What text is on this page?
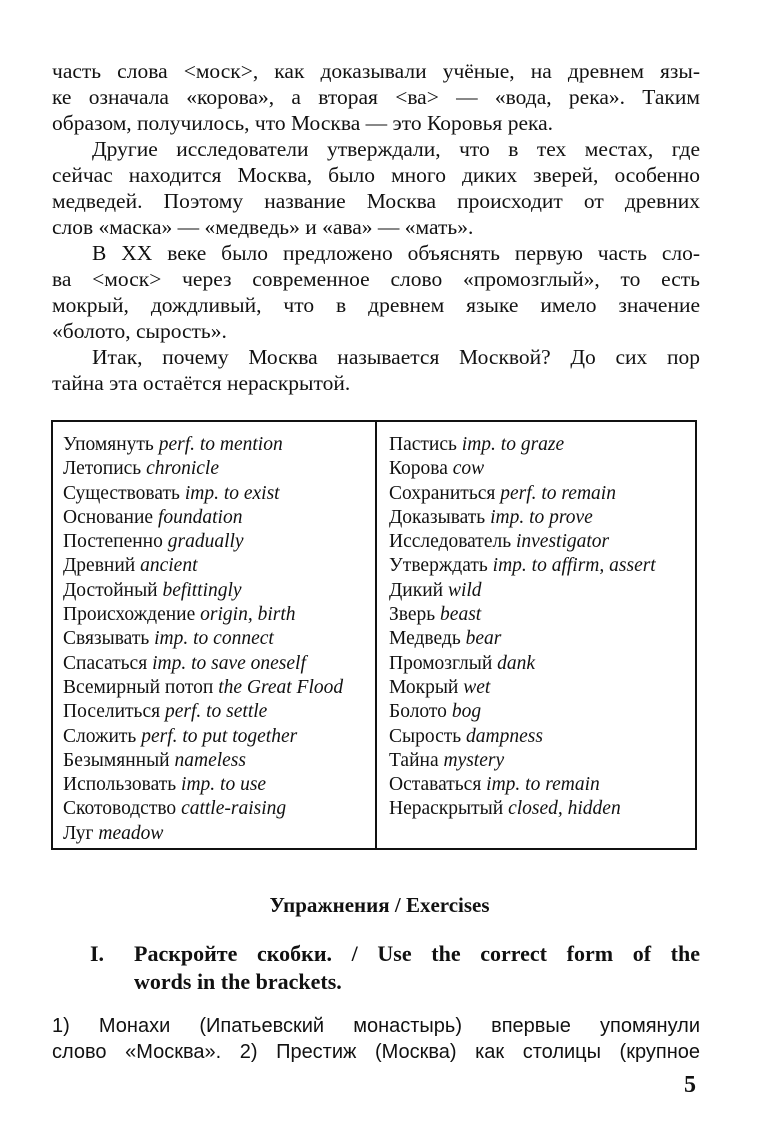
часть слова <моск>, как доказывали учёные, на древнем язы-
ке означала «корова», а вторая <ва> — «вода, река». Таким
образом, получилось, что Москва — это Коровья река.
Другие исследователи утверждали, что в тех местах, где
сейчас находится Москва, было много диких зверей, особенно
медведей. Поэтому название Москва происходит от древних
слов «маска» — «медведь» и «ава» — «мать».
В XX веке было предложено объяснять первую часть сло-
ва <моск> через современное слово «промозглый», то есть
мокрый, дождливый, что в древнем языке имело значение
«болото, сырость».
Итак, почему Москва называется Москвой? До сих пор
тайна эта остаётся нераскрытой.
Упомянуть perf. to mention
Летопись chronicle
Существовать imp. to exist
Основание foundation
Постепенно gradually
Древний ancient
Достойный befittingly
Происхождение origin, birth
Связывать imp. to connect
Спасаться imp. to save oneself
Всемирный потоп the Great Flood
Поселиться perf. to settle
Сложить perf. to put together
Безымянный nameless
Использовать imp. to use
Скотоводство cattle-raising
Луг meadow
Пастись imp. to graze
Корова cow
Сохраниться perf. to remain
Доказывать imp. to prove
Исследователь investigator
Утверждать imp. to affirm, assert
Дикий wild
Зверь beast
Медведь bear
Промозглый dank
Мокрый wet
Болото bog
Сырость dampness
Тайна mystery
Оставаться imp. to remain
Нераскрытый closed, hidden
Упражнения / Exercises
I. Раскройте скобки. / Use the correct form of the
words in the brackets.
1) Монахи (Ипатьевский монастырь) впервые упомянули
слово «Москва». 2) Престиж (Москва) как столицы (крупное
5
